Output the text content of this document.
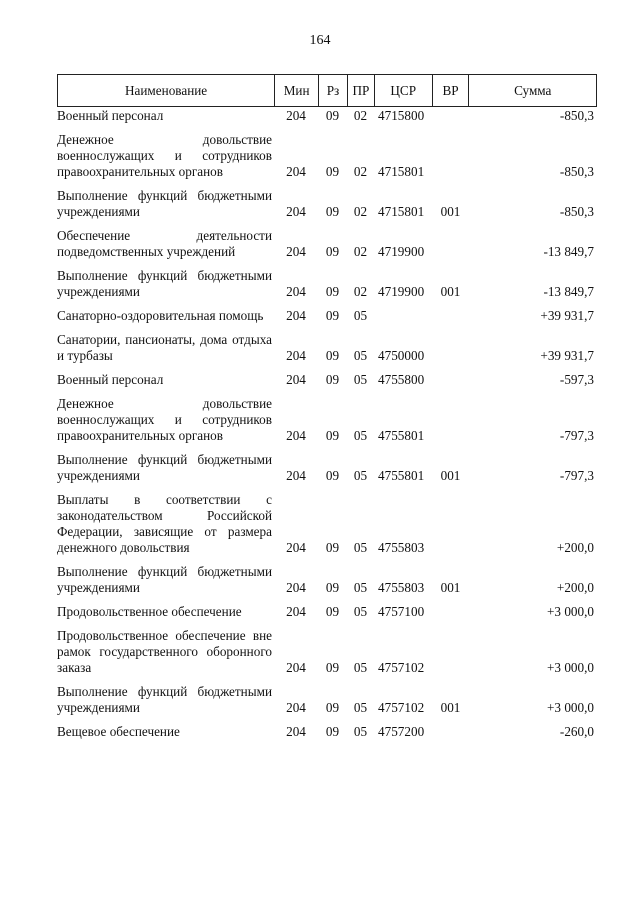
164
Наименование	Мин	Рз ПР	ЦСР	ВР	Сумма
Военный персонал	204	09	02 4715800	-850,3
Денежное довольствие военнослужащих и сотрудников правоохранительных органов	204	09	02 4715801	-850,3
Выполнение функций бюджетными учреждениями	204	09	02 4715801	001	-850,3
Обеспечение деятельности подведомственных учреждений	204	09	02 4719900	-13 849,7
Выполнение функций бюджетными учреждениями	204	09	02 4719900	001	-13 849,7
Санаторно-оздоровительная помощь	204	09	05	+39 931,7
Санатории, пансионаты, дома отдыха и турбазы	204	09	05 4750000	+39 931,7
Военный персонал	204	09	05 4755800	-597,3
Денежное довольствие военнослужащих и сотрудников правоохранительных органов	204	09	05 4755801	-797,3
Выполнение функций бюджетными учреждениями	204	09	05 4755801	001	-797,3
Выплаты в соответствии с законодательством Российской Федерации, зависящие от размера денежного довольствия	204	09	05 4755803	+200,0
Выполнение функций бюджетными учреждениями	204	09	05 4755803	001	+200,0
Продовольственное обеспечение	204	09	05 4757100	+3 000,0
Продовольственное обеспечение вне рамок государственного оборонного заказа	204	09	05 4757102	+3 000,0
Выполнение функций бюджетными учреждениями	204	09	05 4757102	001	+3 000,0
Вещевое обеспечение	204	09	05 4757200	-260,0
